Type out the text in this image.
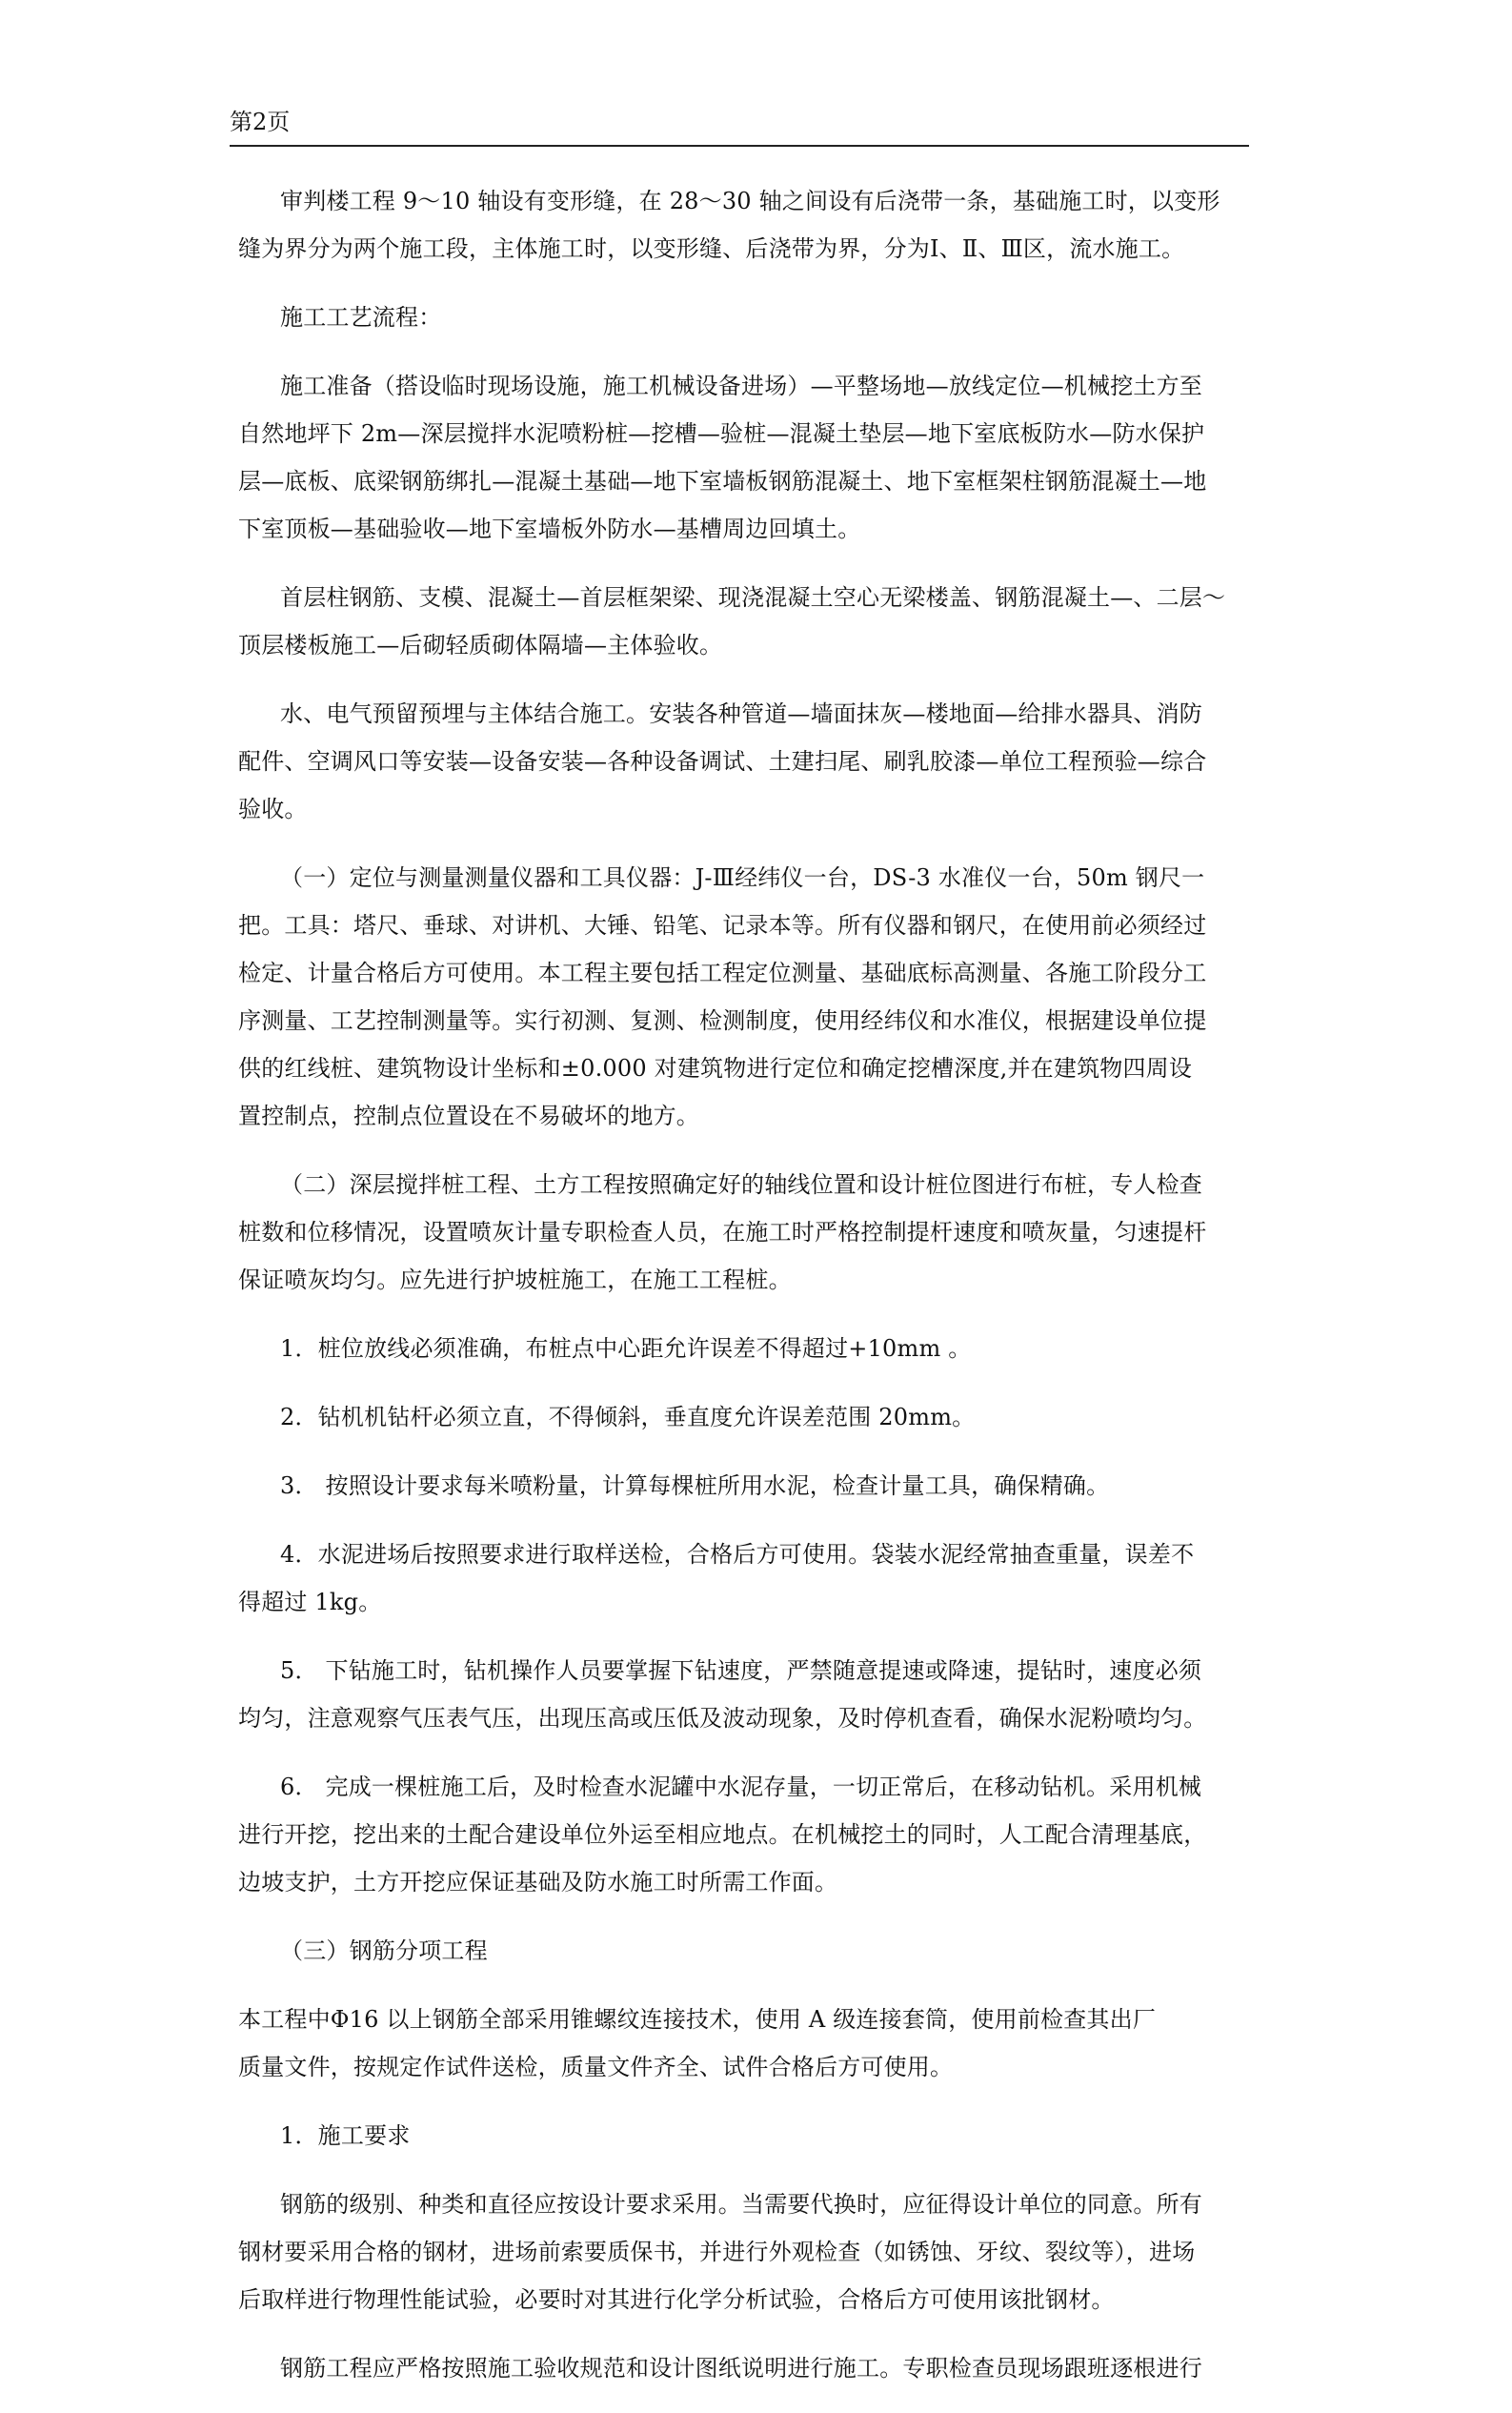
第2页

审判楼工程 9～10 轴设有变形缝，在 28～30 轴之间设有后浇带一条，基础施工时，以变形
缝为界分为两个施工段，主体施工时，以变形缝、后浇带为界，分为Ⅰ、Ⅱ、Ⅲ区，流水施工。

施工工艺流程：

施工准备（搭设临时现场设施，施工机械设备进场）—平整场地—放线定位—机械挖土方至
自然地坪下 2m—深层搅拌水泥喷粉桩—挖槽—验桩—混凝土垫层—地下室底板防水—防水保护
层—底板、底梁钢筋绑扎—混凝土基础—地下室墙板钢筋混凝土、地下室框架柱钢筋混凝土—地
下室顶板—基础验收—地下室墙板外防水—基槽周边回填土。

首层柱钢筋、支模、混凝土—首层框架梁、现浇混凝土空心无梁楼盖、钢筋混凝土—、二层～
顶层楼板施工—后砌轻质砌体隔墙—主体验收。

水、电气预留预埋与主体结合施工。安装各种管道—墙面抹灰—楼地面—给排水器具、消防
配件、空调风口等安装—设备安装—各种设备调试、土建扫尾、刷乳胶漆—单位工程预验—综合
验收。

（一）定位与测量测量仪器和工具仪器：J-Ⅲ经纬仪一台，DS-3 水准仪一台，50m 钢尺一
把。工具：塔尺、垂球、对讲机、大锤、铅笔、记录本等。所有仪器和钢尺，在使用前必须经过
检定、计量合格后方可使用。本工程主要包括工程定位测量、基础底标高测量、各施工阶段分工
序测量、工艺控制测量等。实行初测、复测、检测制度，使用经纬仪和水准仪，根据建设单位提
供的红线桩、建筑物设计坐标和±0.000 对建筑物进行定位和确定挖槽深度,并在建筑物四周设
置控制点，控制点位置设在不易破坏的地方。

（二）深层搅拌桩工程、土方工程按照确定好的轴线位置和设计桩位图进行布桩，专人检查
桩数和位移情况，设置喷灰计量专职检查人员，在施工时严格控制提杆速度和喷灰量，匀速提杆
保证喷灰均匀。应先进行护坡桩施工，在施工工程桩。

1．桩位放线必须准确，布桩点中心距允许误差不得超过+10mm 。

2．钻机机钻杆必须立直，不得倾斜，垂直度允许误差范围 20mm。

3． 按照设计要求每米喷粉量，计算每棵桩所用水泥，检查计量工具，确保精确。

4．水泥进场后按照要求进行取样送检，合格后方可使用。袋装水泥经常抽查重量，误差不
得超过 1kg。

5． 下钻施工时，钻机操作人员要掌握下钻速度，严禁随意提速或降速，提钻时，速度必须
均匀，注意观察气压表气压，出现压高或压低及波动现象，及时停机查看，确保水泥粉喷均匀。

6． 完成一棵桩施工后，及时检查水泥罐中水泥存量，一切正常后，在移动钻机。采用机械
进行开挖，挖出来的土配合建设单位外运至相应地点。在机械挖土的同时，人工配合清理基底，
边坡支护，土方开挖应保证基础及防水施工时所需工作面。

（三）钢筋分项工程

本工程中Φ16 以上钢筋全部采用锥螺纹连接技术，使用 A 级连接套筒，使用前检查其出厂
质量文件，按规定作试件送检，质量文件齐全、试件合格后方可使用。

1．施工要求

钢筋的级别、种类和直径应按设计要求采用。当需要代换时，应征得设计单位的同意。所有
钢材要采用合格的钢材，进场前索要质保书，并进行外观检查（如锈蚀、牙纹、裂纹等），进场
后取样进行物理性能试验，必要时对其进行化学分析试验，合格后方可使用该批钢材。

钢筋工程应严格按照施工验收规范和设计图纸说明进行施工。专职检查员现场跟班逐根进行
